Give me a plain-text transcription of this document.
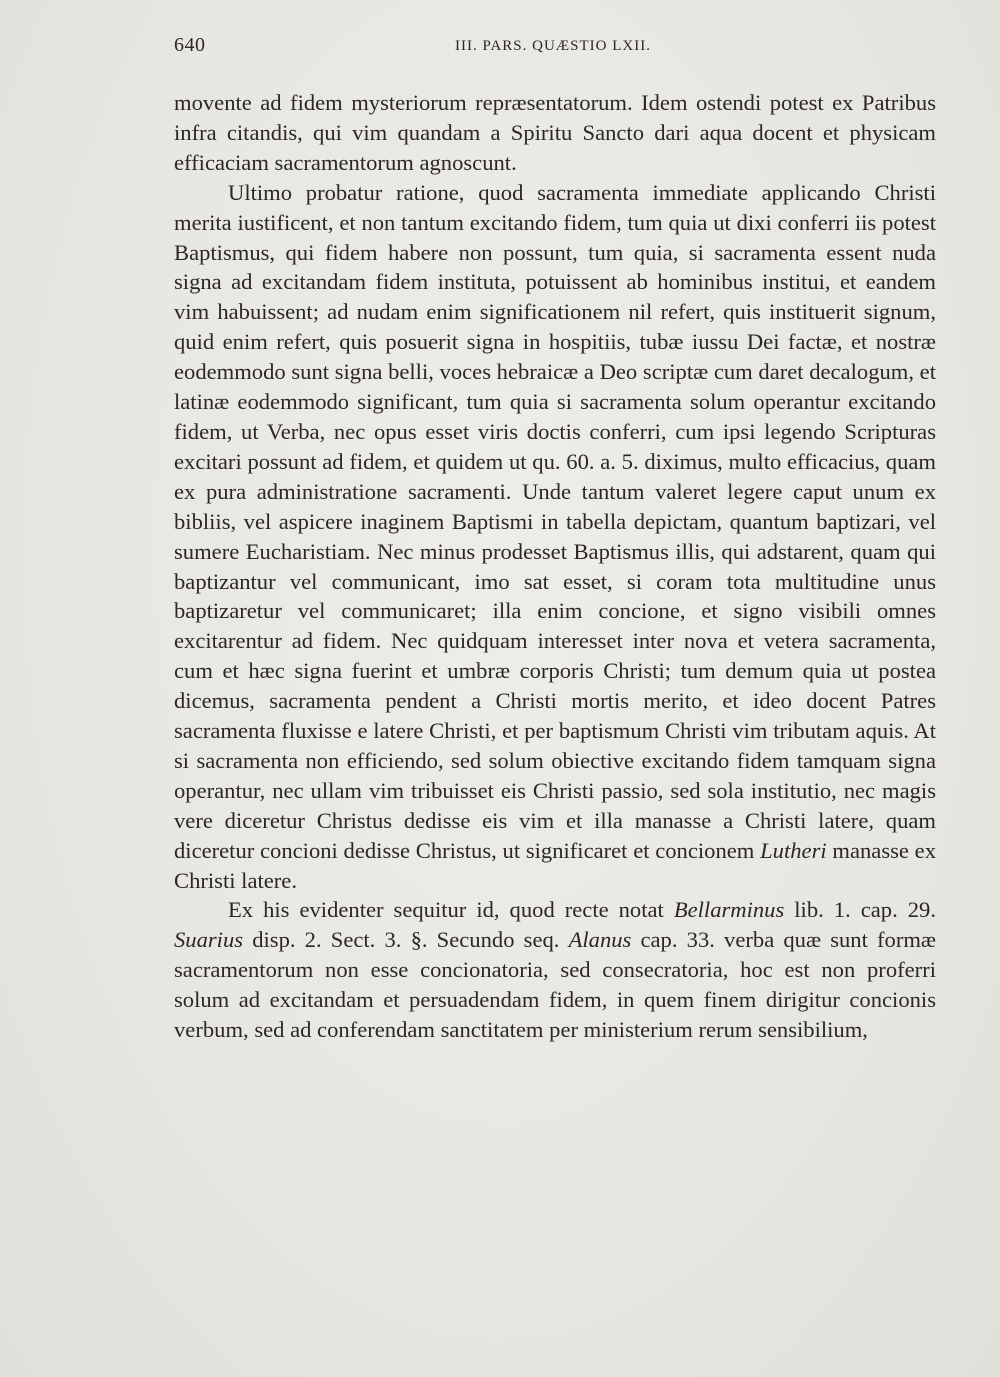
640	III. PARS. QUÆSTIO LXII.

movente ad fidem mysteriorum repræsentatorum. Idem ostendi potest ex Patribus infra citandis, qui vim quandam a Spiritu Sancto dari aqua docent et physicam efficaciam sacramentorum agnoscunt.

Ultimo probatur ratione, quod sacramenta immediate applicando Christi merita iustificent, et non tantum excitando fidem, tum quia ut dixi conferri iis potest Baptismus, qui fidem habere non possunt, tum quia, si sacramenta essent nuda signa ad excitandam fidem instituta, potuissent ab hominibus institui, et eandem vim habuissent; ad nudam enim significationem nil refert, quis instituerit signum, quid enim refert, quis posuerit signa in hospitiis, tubæ iussu Dei factæ, et nostræ eodemmodo sunt signa belli, voces hebraicæ a Deo scriptæ cum daret decalogum, et latinæ eodemmodo significant, tum quia si sacramenta solum operantur excitando fidem, ut Verba, nec opus esset viris doctis conferri, cum ipsi legendo Scripturas excitari possunt ad fidem, et quidem ut qu. 60. a. 5. diximus, multo efficacius, quam ex pura administratione sacramenti. Unde tantum valeret legere caput unum ex bibliis, vel aspicere inaginem Baptismi in tabella depictam, quantum baptizari, vel sumere Eucharistiam. Nec minus prodesset Baptismus illis, qui adstarent, quam qui baptizantur vel communicant, imo sat esset, si coram tota multitudine unus baptizaretur vel communicaret; illa enim concione, et signo visibili omnes excitarentur ad fidem. Nec quidquam interesset inter nova et vetera sacramenta, cum et hæc signa fuerint et umbræ corporis Christi; tum demum quia ut postea dicemus, sacramenta pendent a Christi mortis merito, et ideo docent Patres sacramenta fluxisse e latere Christi, et per baptismum Christi vim tributam aquis. At si sacramenta non efficiendo, sed solum obiective excitando fidem tamquam signa operantur, nec ullam vim tribuisset eis Christi passio, sed sola institutio, nec magis vere diceretur Christus dedisse eis vim et illa manasse a Christi latere, quam diceretur concioni dedisse Christus, ut significaret et concionem Lutheri manasse ex Christi latere.

Ex his evidenter sequitur id, quod recte notat Bellarminus lib. 1. cap. 29. Suarius disp. 2. Sect. 3. §. Secundo seq. Alanus cap. 33. verba quæ sunt formæ sacramentorum non esse concionatoria, sed consecratoria, hoc est non proferri solum ad excitandam et persuadendam fidem, in quem finem dirigitur concionis verbum, sed ad conferendam sanctitatem per ministerium rerum sensibilium,
